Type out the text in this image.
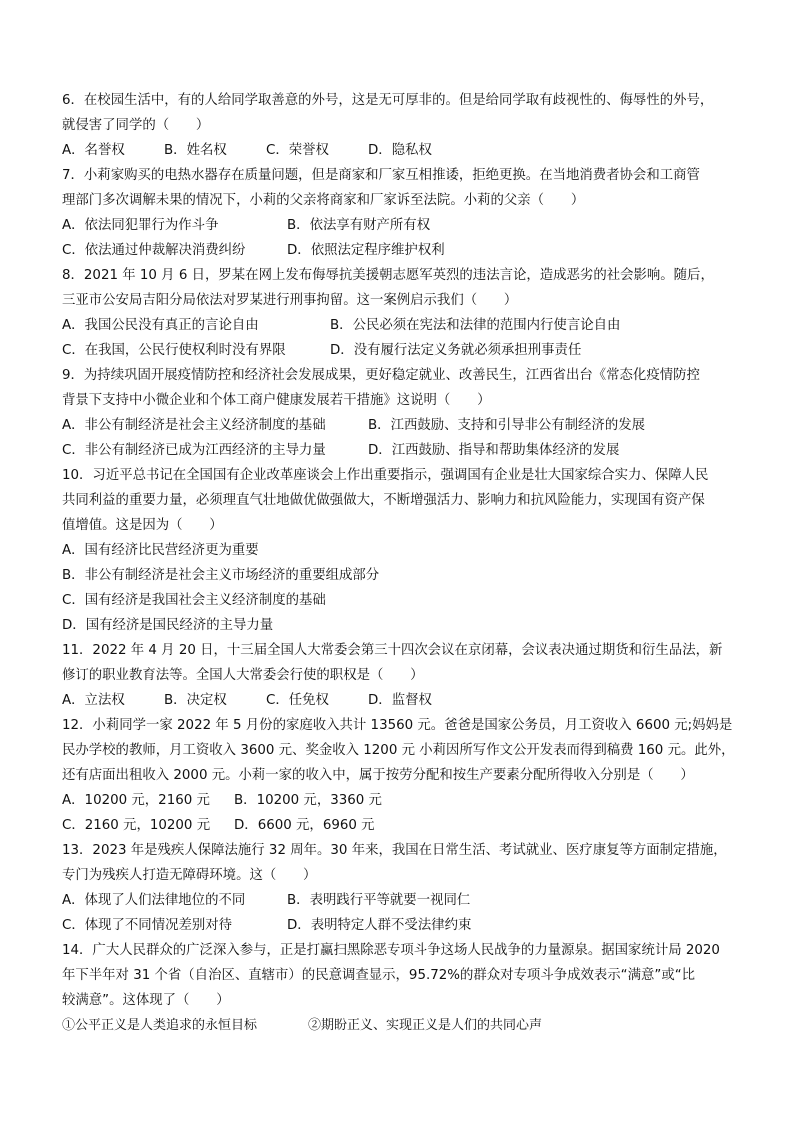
6．在校园生活中，有的人给同学取善意的外号，这是无可厚非的。但是给同学取有歧视性的、侮辱性的外号，
就侵害了同学的（　　）
A．名誉权	B．姓名权	C．荣誉权	D．隐私权
7．小莉家购买的电热水器存在质量问题，但是商家和厂家互相推诿，拒绝更换。在当地消费者协会和工商管
理部门多次调解未果的情况下，小莉的父亲将商家和厂家诉至法院。小莉的父亲（　　）
A．依法同犯罪行为作斗争	B．依法享有财产所有权
C．依法通过仲裁解决消费纠纷	D．依照法定程序维护权利
8．2021 年 10 月 6 日，罗某在网上发布侮辱抗美援朝志愿军英烈的违法言论，造成恶劣的社会影响。随后，
三亚市公安局吉阳分局依法对罗某进行刑事拘留。这一案例启示我们（　　）
A．我国公民没有真正的言论自由	B．公民必须在宪法和法律的范围内行使言论自由
C．在我国，公民行使权利时没有界限	D．没有履行法定义务就必须承担刑事责任
9．为持续巩固开展疫情防控和经济社会发展成果，更好稳定就业、改善民生，江西省出台《常态化疫情防控
背景下支持中小微企业和个体工商户健康发展若干措施》这说明（　　）
A．非公有制经济是社会主义经济制度的基础	B．江西鼓励、支持和引导非公有制经济的发展
C．非公有制经济已成为江西经济的主导力量	D．江西鼓励、指导和帮助集体经济的发展
10．习近平总书记在全国国有企业改革座谈会上作出重要指示，强调国有企业是壮大国家综合实力、保障人民
共同利益的重要力量，必须理直气壮地做优做强做大，不断增强活力、影响力和抗风险能力，实现国有资产保
值增值。这是因为（　　）
A．国有经济比民营经济更为重要
B．非公有制经济是社会主义市场经济的重要组成部分
C．国有经济是我国社会主义经济制度的基础
D．国有经济是国民经济的主导力量
11．2022 年 4 月 20 日，十三届全国人大常委会第三十四次会议在京闭幕，会议表决通过期货和衍生品法，新
修订的职业教育法等。全国人大常委会行使的职权是（　　）
A．立法权	B．决定权	C．任免权	D．监督权
12．小莉同学一家 2022 年 5 月份的家庭收入共计 13560 元。爸爸是国家公务员，月工资收入 6600 元;妈妈是
民办学校的教师，月工资收入 3600 元、奖金收入 1200 元 小莉因所写作文公开发表而得到稿费 160 元。此外，
还有店面出租收入 2000 元。小莉一家的收入中，属于按劳分配和按生产要素分配所得收入分别是（　　）
A．10200 元，2160 元 B．10200 元，3360 元
C．2160 元，10200 元 D．6600 元，6960 元
13．2023 年是残疾人保障法施行 32 周年。30 年来，我国在日常生活、考试就业、医疗康复等方面制定措施，
专门为残疾人打造无障碍环境。这（　　）
A．体现了人们法律地位的不同	B．表明践行平等就要一视同仁
C．体现了不同情况差别对待	D．表明特定人群不受法律约束
14．广大人民群众的广泛深入参与，正是打赢扫黑除恶专项斗争这场人民战争的力量源泉。据国家统计局 2020
年下半年对 31 个省（自治区、直辖市）的民意调查显示，95.72%的群众对专项斗争成效表示“满意”或“比
较满意”。这体现了（　　）
①公平正义是人类追求的永恒目标	②期盼正义、实现正义是人们的共同心声
